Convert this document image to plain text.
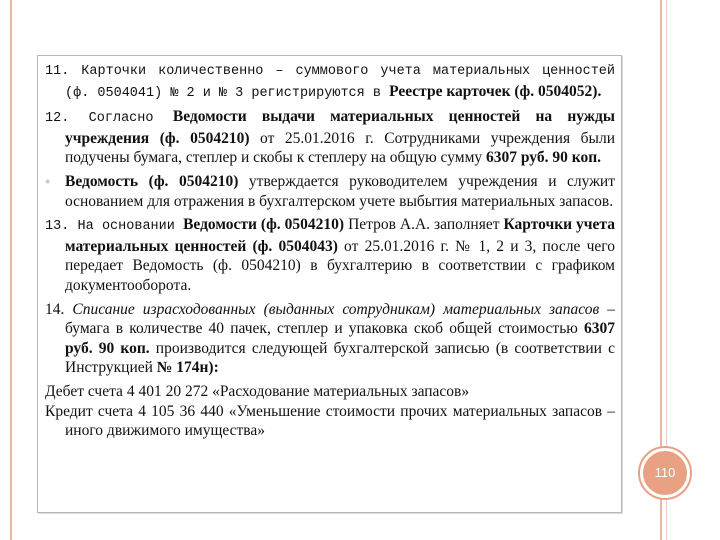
11. Карточки количественно – суммового учета материальных ценностей (ф. 0504041) № 2 и № 3 регистрируются в Реестре карточек (ф. 0504052).

12. Согласно Ведомости выдачи материальных ценностей на нужды учреждения (ф. 0504210) от 25.01.2016 г. Сотрудниками учреждения были подучены бумага, степлер и скобы к степлеру на общую сумму 6307 руб. 90 коп.

● Ведомость (ф. 0504210) утверждается руководителем учреждения и служит основанием для отражения в бухгалтерском учете выбытия материальных запасов.

13. На основании Ведомости (ф. 0504210) Петров А.А. заполняет Карточки учета материальных ценностей (ф. 0504043) от 25.01.2016 г. № 1, 2 и 3, после чего передает Ведомость (ф. 0504210) в бухгалтерию в соответствии с графиком документооборота.

14. Списание израсходованных (выданных сотрудникам) материальных запасов – бумага в количестве 40 пачек, степлер и упаковка скоб общей стоимостью 6307 руб. 90 коп. производится следующей бухгалтерской записью (в соответствии с Инструкцией № 174н):

Дебет счета 4 401 20 272 «Расходование материальных запасов»

Кредит счета 4 105 36 440 «Уменьшение стоимости прочих материальных запасов – иного движимого имущества»

110
